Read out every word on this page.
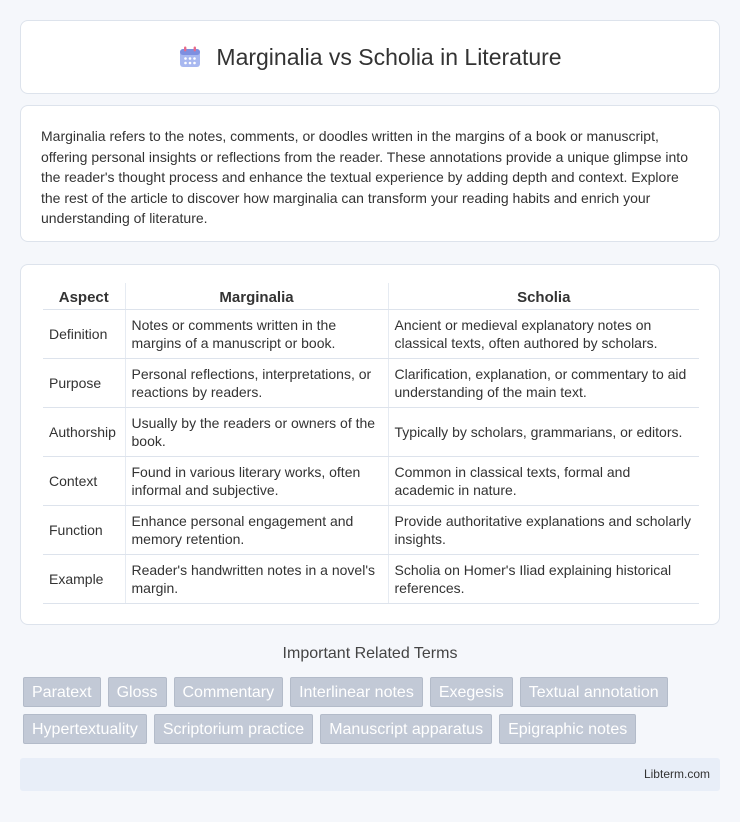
Marginalia vs Scholia in Literature

Marginalia refers to the notes, comments, or doodles written in the margins of a book or manuscript, offering personal insights or reflections from the reader. These annotations provide a unique glimpse into the reader's thought process and enhance the textual experience by adding depth and context. Explore the rest of the article to discover how marginalia can transform your reading habits and enrich your understanding of literature.

Aspect	Marginalia	Scholia
Definition	Notes or comments written in the margins of a manuscript or book.	Ancient or medieval explanatory notes on classical texts, often authored by scholars.
Purpose	Personal reflections, interpretations, or reactions by readers.	Clarification, explanation, or commentary to aid understanding of the main text.
Authorship	Usually by the readers or owners of the book.	Typically by scholars, grammarians, or editors.
Context	Found in various literary works, often informal and subjective.	Common in classical texts, formal and academic in nature.
Function	Enhance personal engagement and memory retention.	Provide authoritative explanations and scholarly insights.
Example	Reader's handwritten notes in a novel's margin.	Scholia on Homer's Iliad explaining historical references.
Important Related Terms
Paratext	Gloss	Commentary	Interlinear notes	Exegesis	Textual annotation
Hypertextuality	Scriptorium practice	Manuscript apparatus	Epigraphic notes
Libterm.com
